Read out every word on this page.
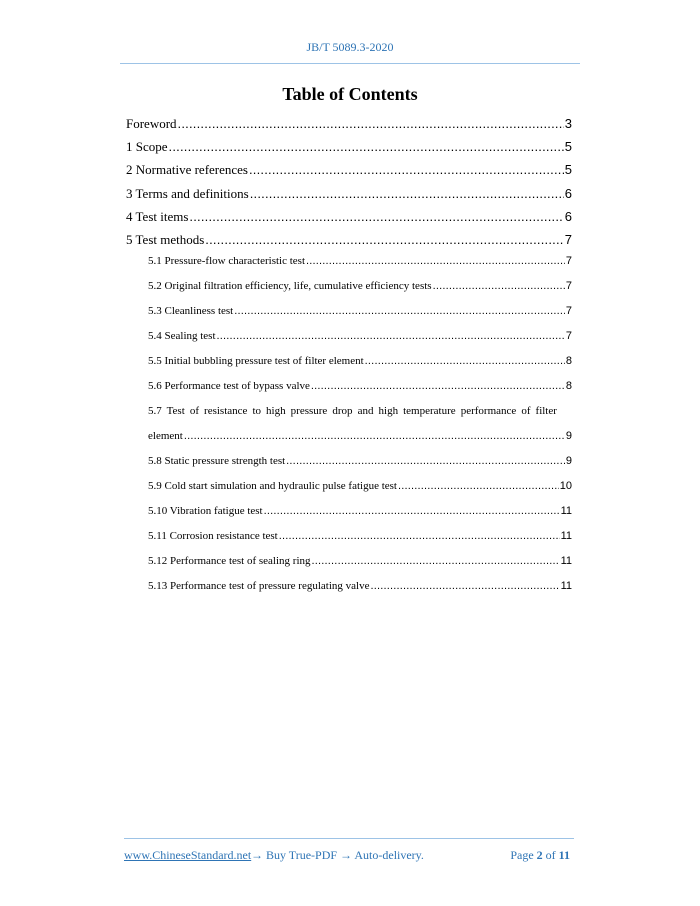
JB/T 5089.3-2020
Table of Contents
Foreword .....	3
1 Scope .....	5
2 Normative references .....	5
3 Terms and definitions .....	6
4 Test items .....	6
5 Test methods .....	7
5.1 Pressure-flow characteristic test .....	7
5.2 Original filtration efficiency, life, cumulative efficiency tests .....	7
5.3 Cleanliness test .....	7
5.4 Sealing test .....	7
5.5 Initial bubbling pressure test of filter element .....	8
5.6 Performance test of bypass valve .....	8
5.7 Test of resistance to high pressure drop and high temperature performance of filter
element .....	9
5.8 Static pressure strength test .....	9
5.9 Cold start simulation and hydraulic pulse fatigue test .....	10
5.10 Vibration fatigue test .....	11
5.11 Corrosion resistance test .....	11
5.12 Performance test of sealing ring .....	11
5.13 Performance test of pressure regulating valve .....	11
www.ChineseStandard.net → Buy True-PDF → Auto-delivery.	Page 2 of 11
